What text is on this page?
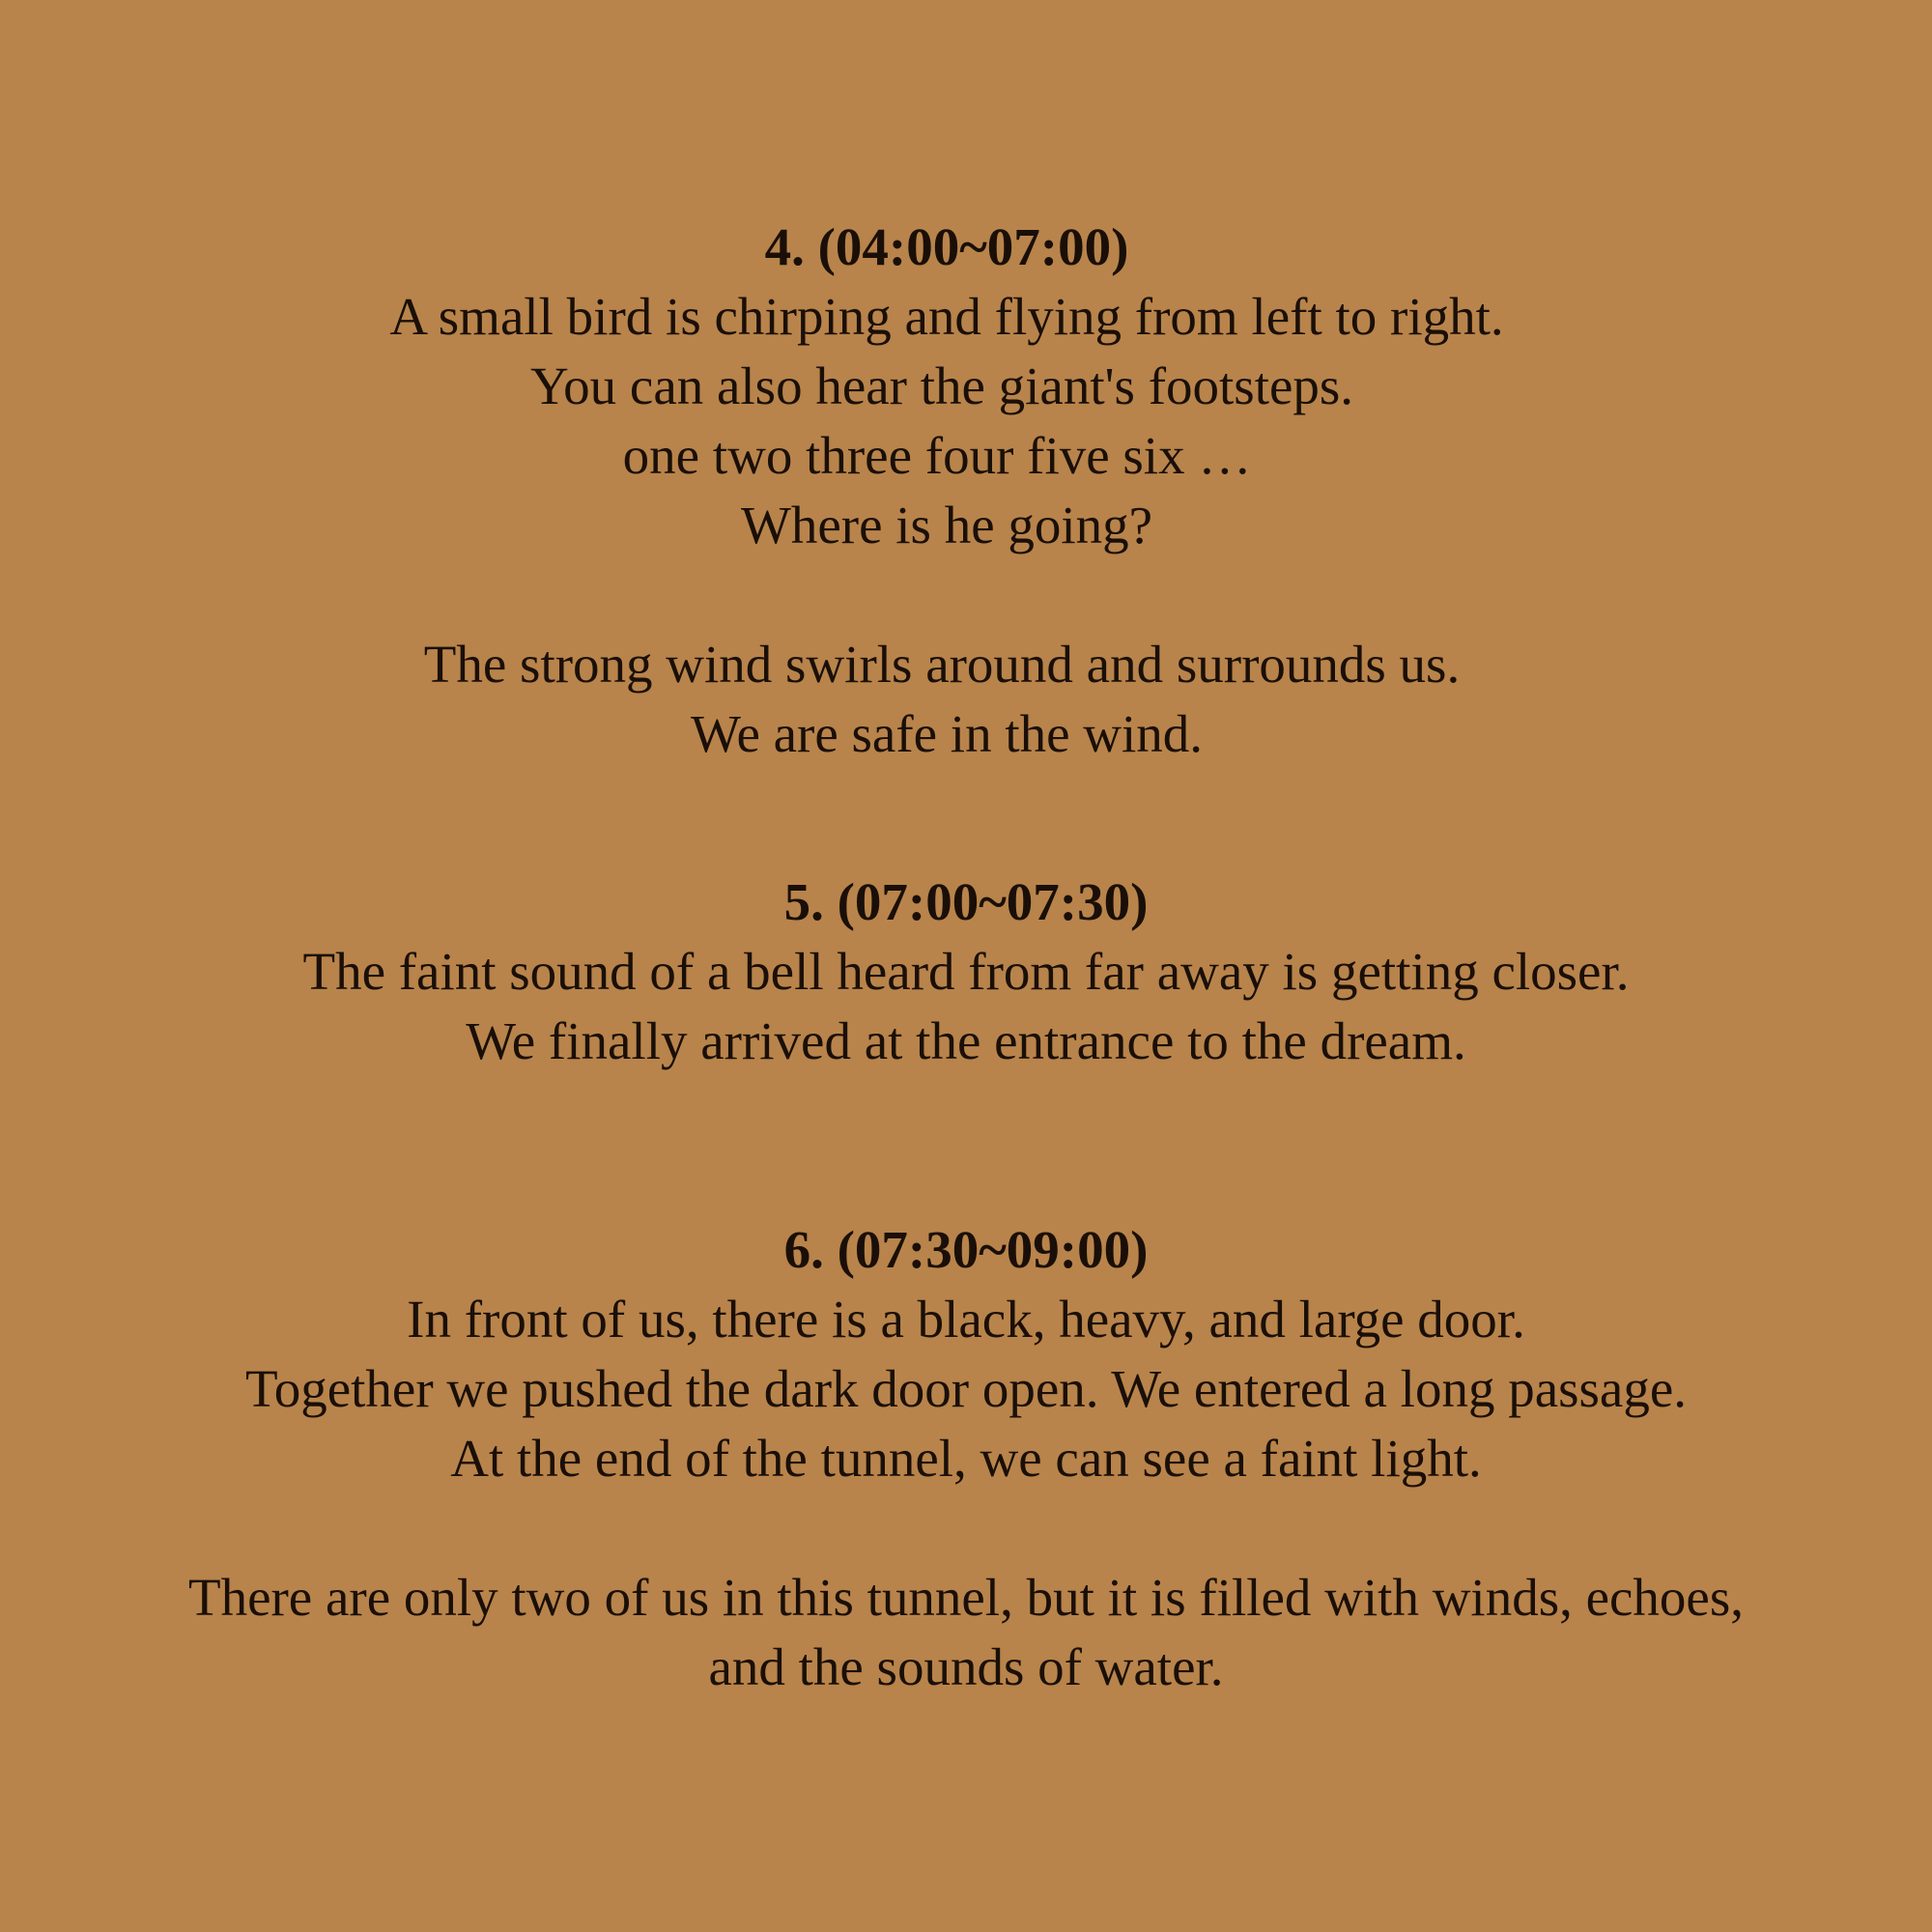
4. (04:00~07:00)
A small bird is chirping and flying from left to right.
You can also hear the giant's footsteps.
one two three four five six …
Where is he going?
The strong wind swirls around and surrounds us.
We are safe in the wind.
5. (07:00~07:30)
The faint sound of a bell heard from far away is getting closer.
We finally arrived at the entrance to the dream.
6. (07:30~09:00)
In front of us, there is a black, heavy, and large door.
Together we pushed the dark door open. We entered a long passage.
At the end of the tunnel, we can see a faint light.
There are only two of us in this tunnel, but it is filled with winds, echoes,
and the sounds of water.
